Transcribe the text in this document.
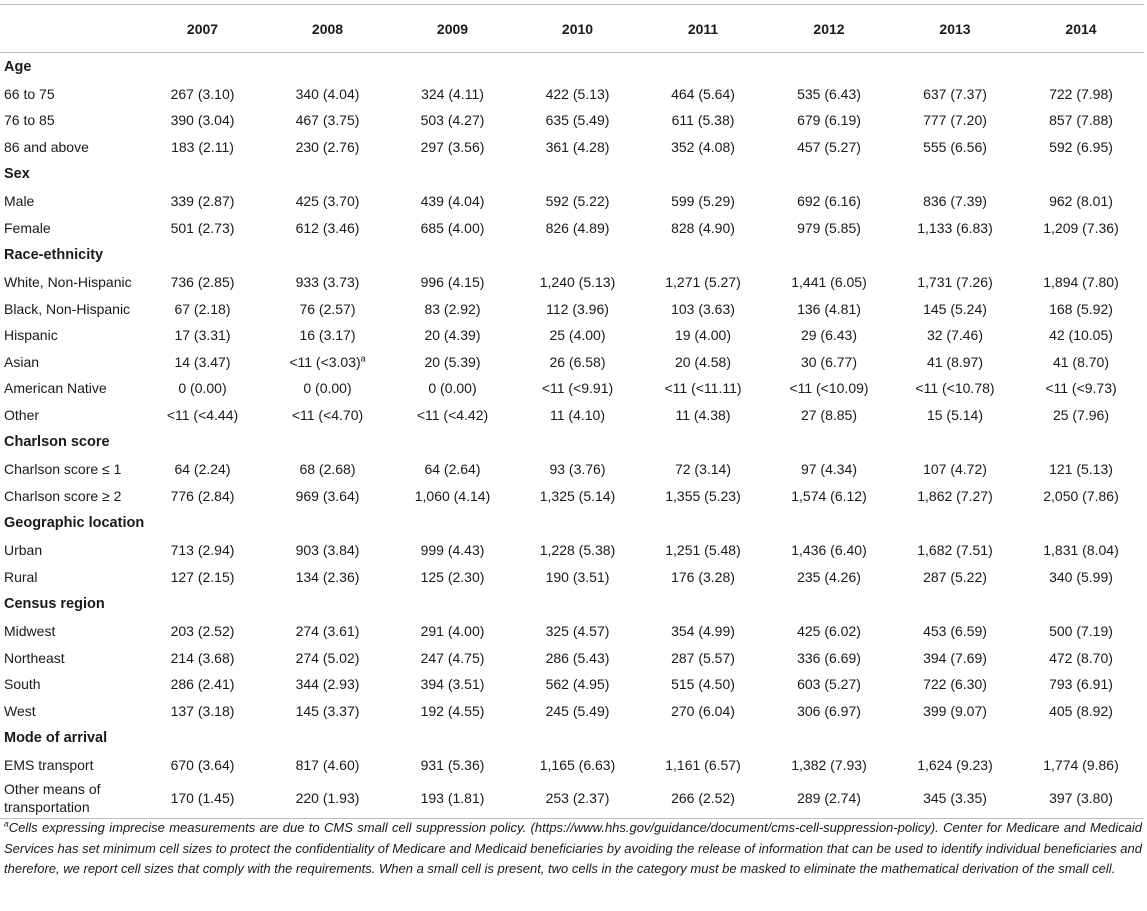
	2007	2008	2009	2010	2011	2012	2013	2014
Age								
66 to 75	267 (3.10)	340 (4.04)	324 (4.11)	422 (5.13)	464 (5.64)	535 (6.43)	637 (7.37)	722 (7.98)
76 to 85	390 (3.04)	467 (3.75)	503 (4.27)	635 (5.49)	611 (5.38)	679 (6.19)	777 (7.20)	857 (7.88)
86 and above	183 (2.11)	230 (2.76)	297 (3.56)	361 (4.28)	352 (4.08)	457 (5.27)	555 (6.56)	592 (6.95)
Sex								
Male	339 (2.87)	425 (3.70)	439 (4.04)	592 (5.22)	599 (5.29)	692 (6.16)	836 (7.39)	962 (8.01)
Female	501 (2.73)	612 (3.46)	685 (4.00)	826 (4.89)	828 (4.90)	979 (5.85)	1,133 (6.83)	1,209 (7.36)
Race-ethnicity								
White, Non-Hispanic	736 (2.85)	933 (3.73)	996 (4.15)	1,240 (5.13)	1,271 (5.27)	1,441 (6.05)	1,731 (7.26)	1,894 (7.80)
Black, Non-Hispanic	67 (2.18)	76 (2.57)	83 (2.92)	112 (3.96)	103 (3.63)	136 (4.81)	145 (5.24)	168 (5.92)
Hispanic	17 (3.31)	16 (3.17)	20 (4.39)	25 (4.00)	19 (4.00)	29 (6.43)	32 (7.46)	42 (10.05)
Asian	14 (3.47)	<11 (<3.03)$^a$	20 (5.39)	26 (6.58)	20 (4.58)	30 (6.77)	41 (8.97)	41 (8.70)
American Native	0 (0.00)	0 (0.00)	0 (0.00)	<11 (<9.91)	<11 (<11.11)	<11 (<10.09)	<11 (<10.78)	<11 (<9.73)
Other	<11 (<4.44)	<11 (<4.70)	<11 (<4.42)	11 (4.10)	11 (4.38)	27 (8.85)	15 (5.14)	25 (7.96)
Charlson score								
Charlson score ≤ 1	64 (2.24)	68 (2.68)	64 (2.64)	93 (3.76)	72 (3.14)	97 (4.34)	107 (4.72)	121 (5.13)
Charlson score ≥ 2	776 (2.84)	969 (3.64)	1,060 (4.14)	1,325 (5.14)	1,355 (5.23)	1,574 (6.12)	1,862 (7.27)	2,050 (7.86)
Geographic location								
Urban	713 (2.94)	903 (3.84)	999 (4.43)	1,228 (5.38)	1,251 (5.48)	1,436 (6.40)	1,682 (7.51)	1,831 (8.04)
Rural	127 (2.15)	134 (2.36)	125 (2.30)	190 (3.51)	176 (3.28)	235 (4.26)	287 (5.22)	340 (5.99)
Census region								
Midwest	203 (2.52)	274 (3.61)	291 (4.00)	325 (4.57)	354 (4.99)	425 (6.02)	453 (6.59)	500 (7.19)
Northeast	214 (3.68)	274 (5.02)	247 (4.75)	286 (5.43)	287 (5.57)	336 (6.69)	394 (7.69)	472 (8.70)
South	286 (2.41)	344 (2.93)	394 (3.51)	562 (4.95)	515 (4.50)	603 (5.27)	722 (6.30)	793 (6.91)
West	137 (3.18)	145 (3.37)	192 (4.55)	245 (5.49)	270 (6.04)	306 (6.97)	399 (9.07)	405 (8.92)
Mode of arrival								
EMS transport	670 (3.64)	817 (4.60)	931 (5.36)	1,165 (6.63)	1,161 (6.57)	1,382 (7.93)	1,624 (9.23)	1,774 (9.86)
Other means of transportation	170 (1.45)	220 (1.93)	193 (1.81)	253 (2.37)	266 (2.52)	289 (2.74)	345 (3.35)	397 (3.80)
$^a$Cells expressing imprecise measurements are due to CMS small cell suppression policy. (https://www.hhs.gov/guidance/document/cms-cell-suppression-policy). Center for Medicare and Medicaid Services has set minimum cell sizes to protect the confidentiality of Medicare and Medicaid beneficiaries by avoiding the release of information that can be used to identify individual beneficiaries and therefore, we report cell sizes that comply with the requirements. When a small cell is present, two cells in the category must be masked to eliminate the mathematical derivation of the small cell.
